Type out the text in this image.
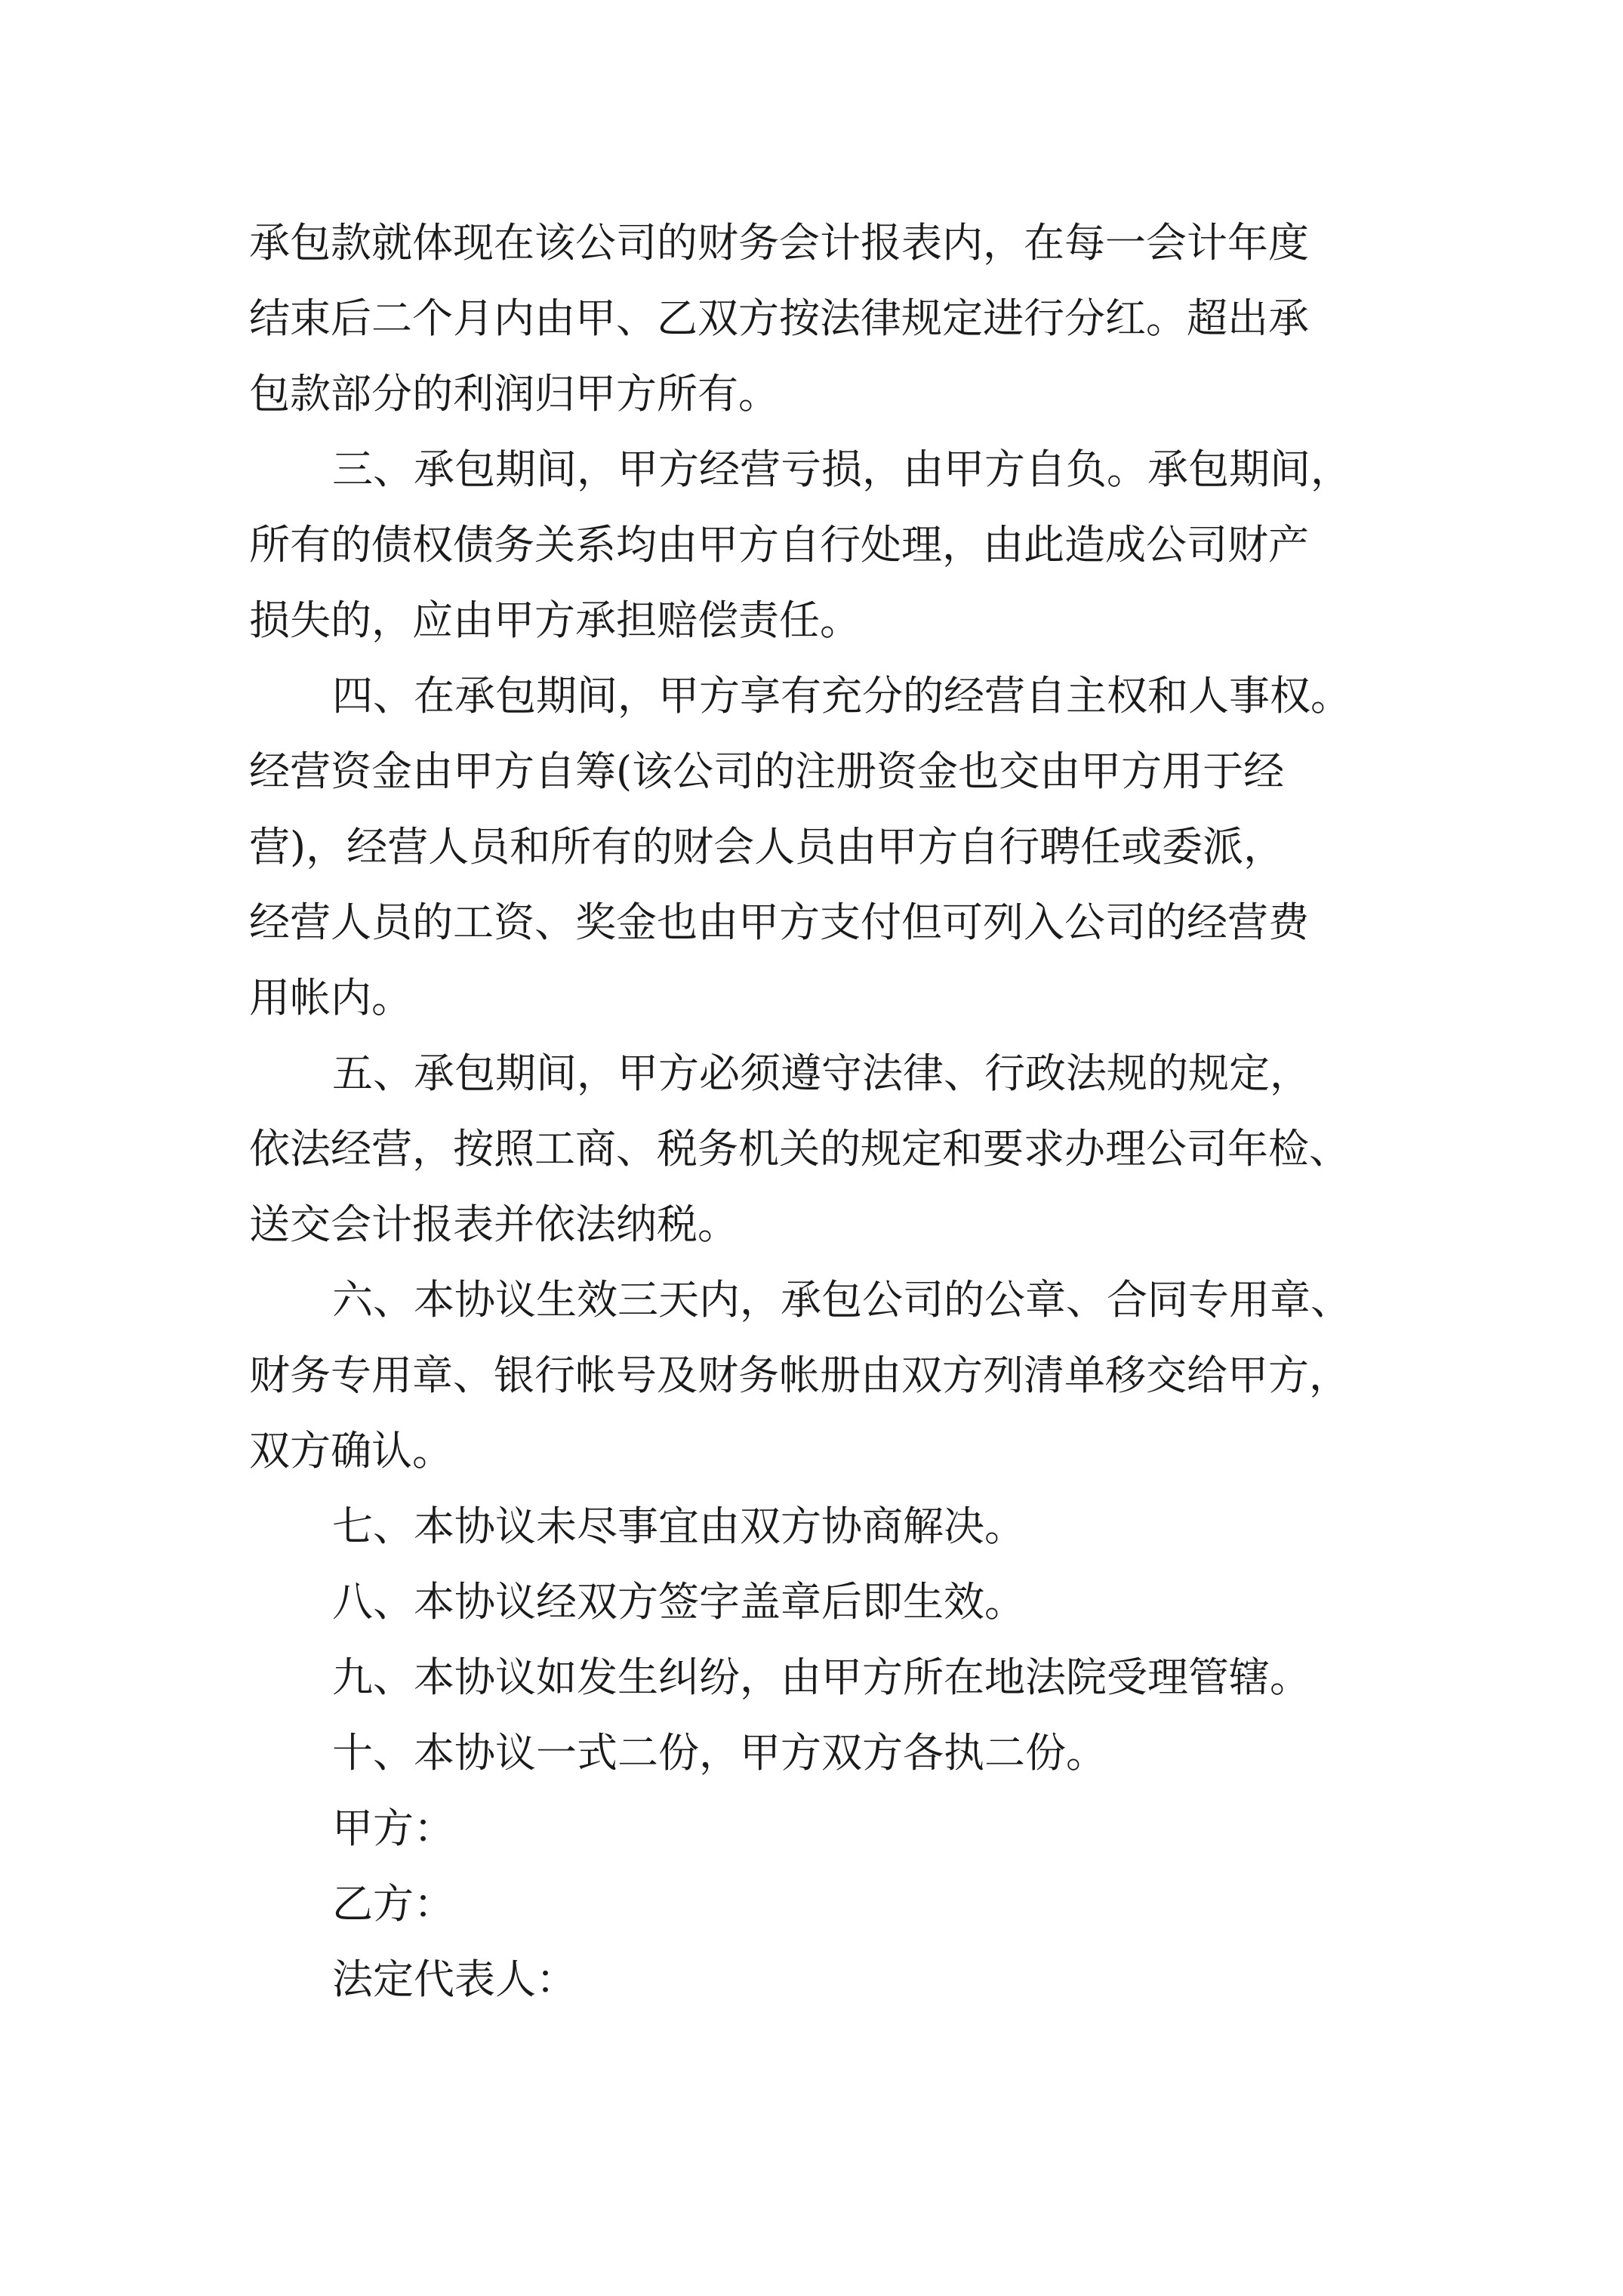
承包款就体现在该公司的财务会计报表内，在每一会计年度
结束后二个月内由甲、乙双方按法律规定进行分红。超出承
包款部分的利润归甲方所有。
三、承包期间，甲方经营亏损，由甲方自负。承包期间，
所有的债权债务关系均由甲方自行处理，由此造成公司财产
损失的，应由甲方承担赔偿责任。
四、在承包期间，甲方享有充分的经营自主权和人事权。
经营资金由甲方自筹(该公司的注册资金也交由甲方用于经
营)，经营人员和所有的财会人员由甲方自行聘任或委派，
经营人员的工资、奖金也由甲方支付但可列入公司的经营费
用帐内。
五、承包期间，甲方必须遵守法律、行政法规的规定，
依法经营，按照工商、税务机关的规定和要求办理公司年检、
送交会计报表并依法纳税。
六、本协议生效三天内，承包公司的公章、合同专用章、
财务专用章、银行帐号及财务帐册由双方列清单移交给甲方，
双方确认。
七、本协议未尽事宜由双方协商解决。
八、本协议经双方签字盖章后即生效。
九、本协议如发生纠纷，由甲方所在地法院受理管辖。
十、本协议一式二份，甲方双方各执二份。
甲方：
乙方：
法定代表人：
